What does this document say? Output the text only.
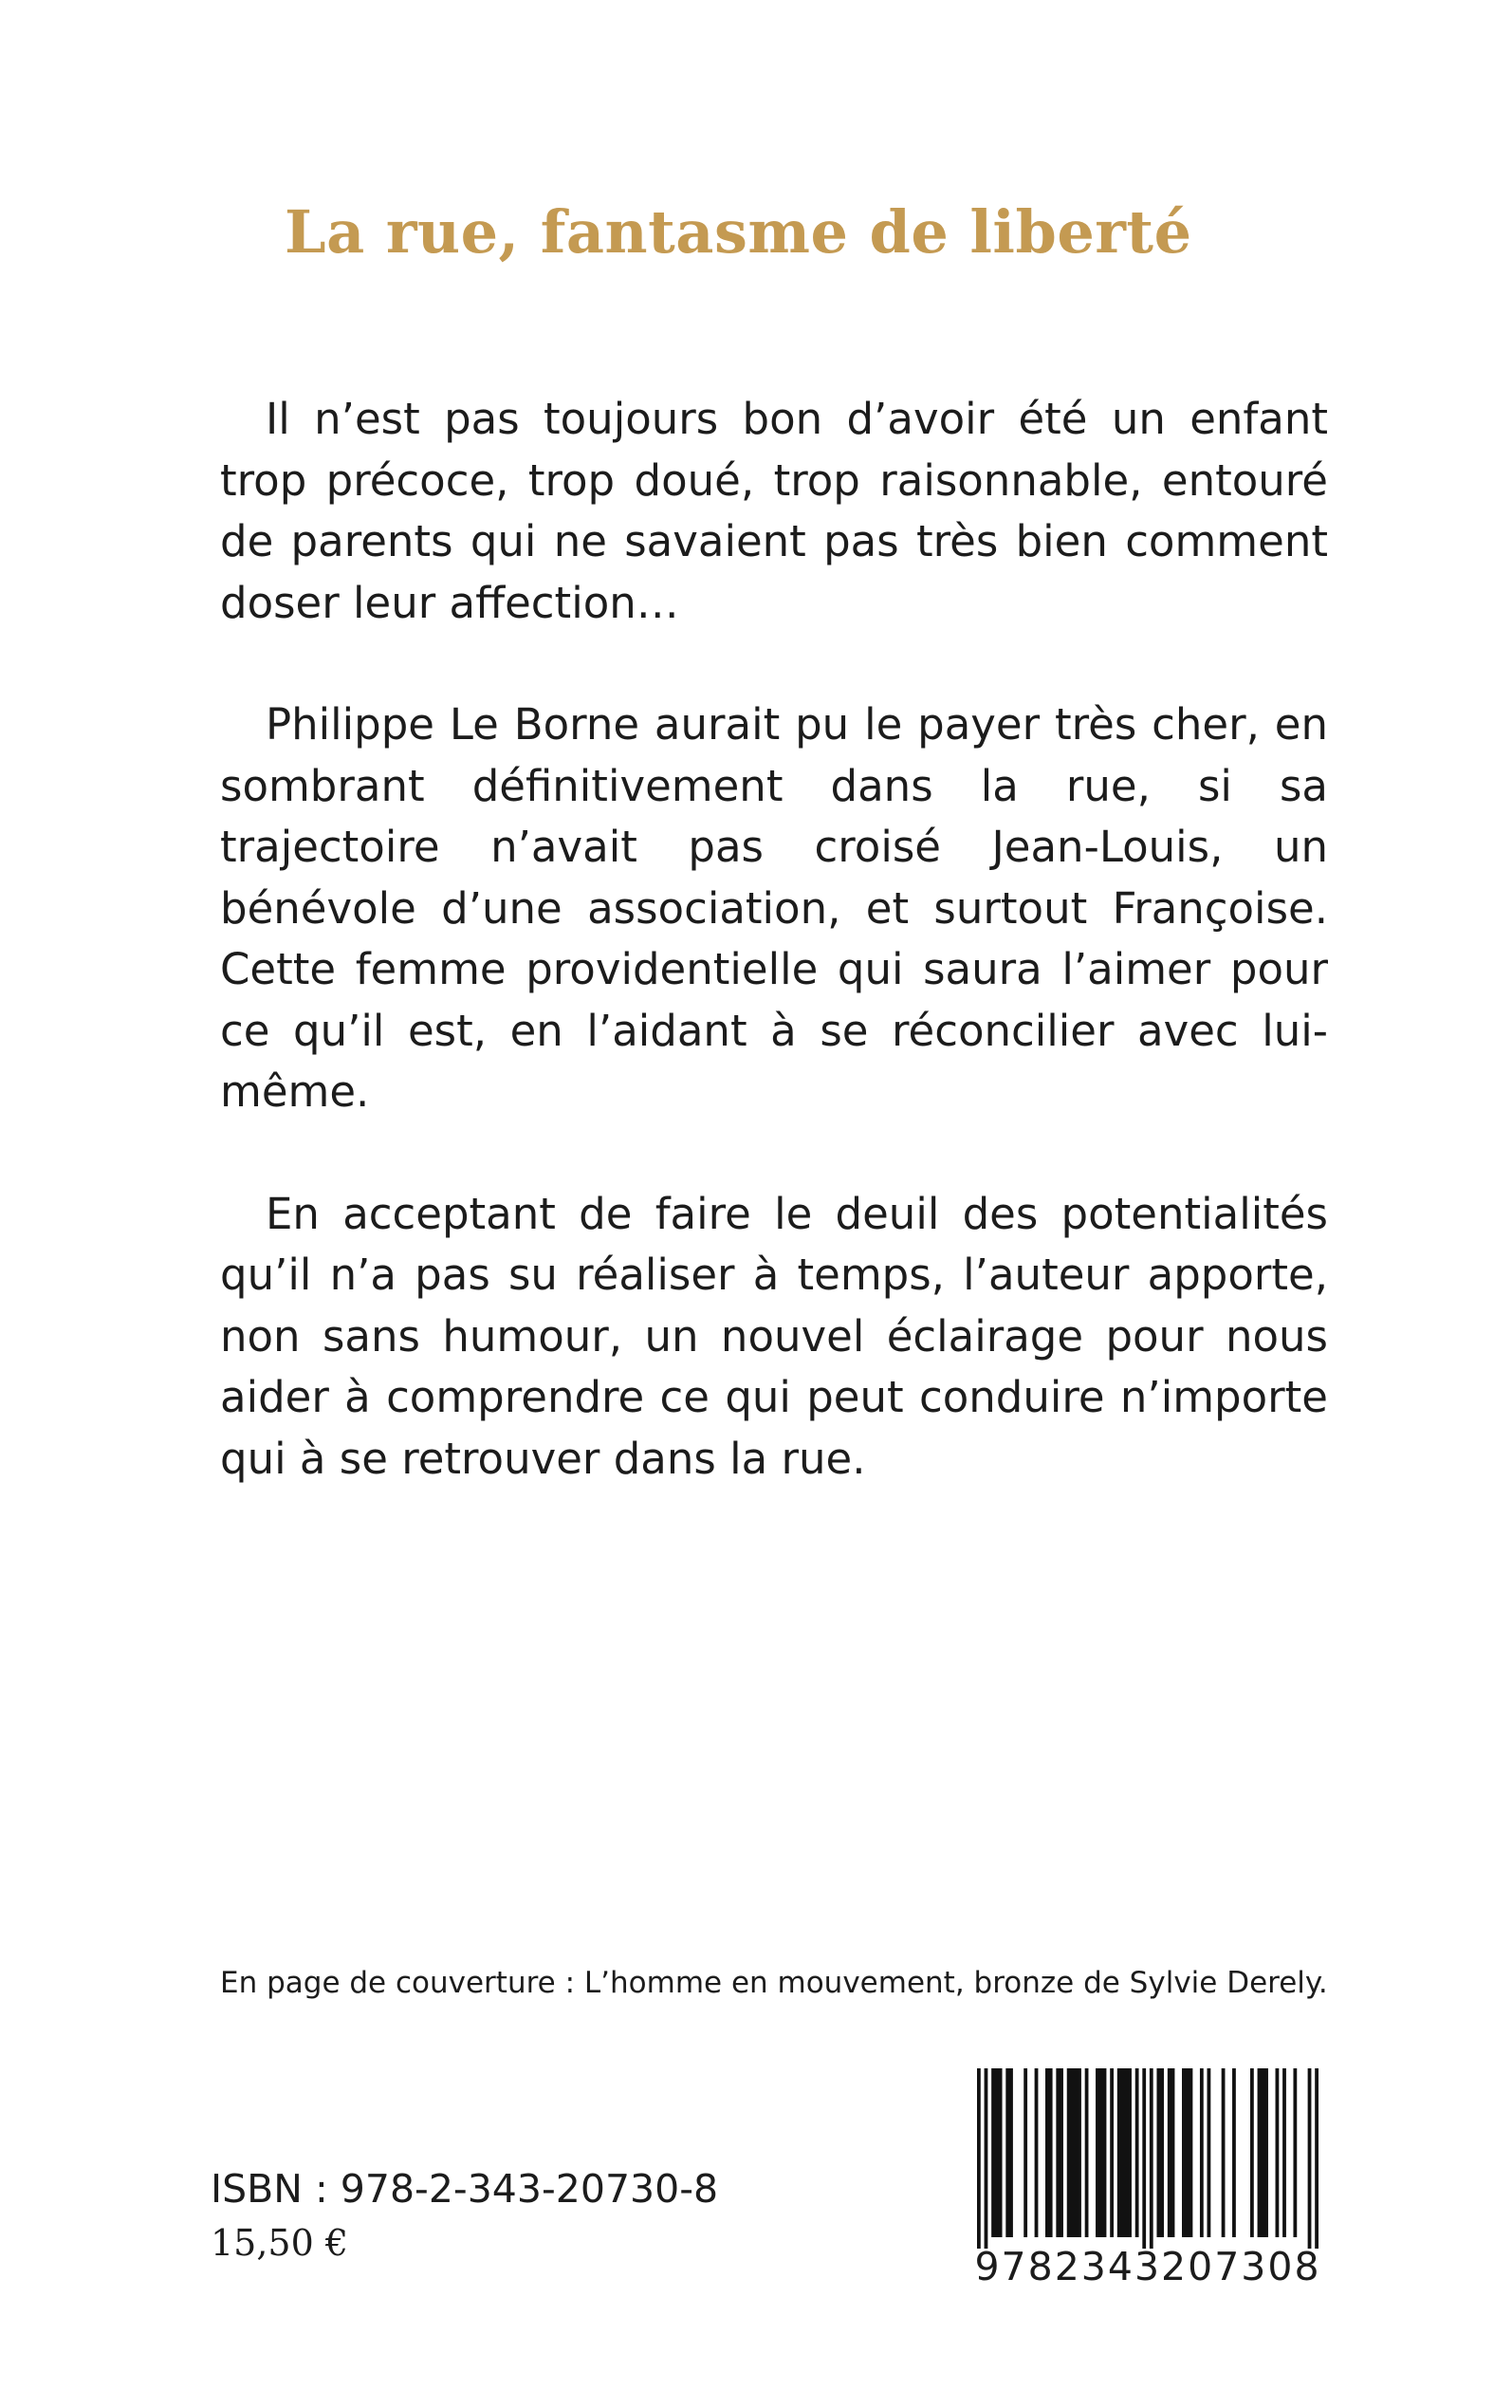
La rue, fantasme de liberté

Il n’est pas toujours bon d’avoir été un enfant trop précoce, trop doué, trop raisonnable, entouré de parents qui ne savaient pas très bien comment doser leur affection…

Philippe Le Borne aurait pu le payer très cher, en sombrant définitivement dans la rue, si sa trajectoire n’avait pas croisé Jean-Louis, un bénévole d’une association, et surtout Françoise. Cette femme providentielle qui saura l’aimer pour ce qu’il est, en l’aidant à se réconcilier avec lui-même.

En acceptant de faire le deuil des potentialités qu’il n’a pas su réaliser à temps, l’auteur apporte, non sans humour, un nouvel éclairage pour nous aider à comprendre ce qui peut conduire n’importe qui à se retrouver dans la rue.

En page de couverture : L’homme en mouvement, bronze de Sylvie Derely.

ISBN : 978-2-343-20730-8

15,50 €

9782343207308
